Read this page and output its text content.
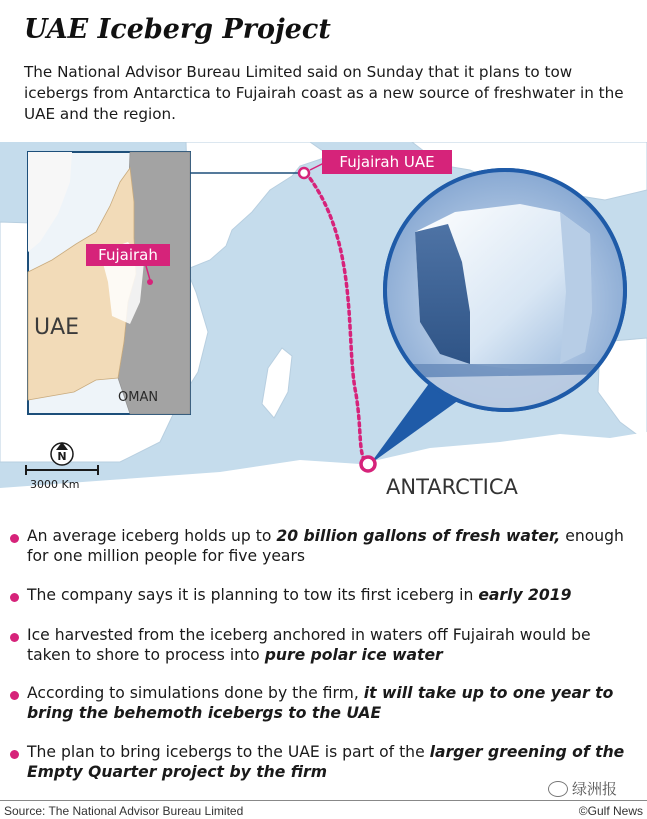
UAE Iceberg Project
The National Advisor Bureau Limited said on Sunday that it plans to tow icebergs from Antarctica to Fujairah coast as a new source of freshwater in the UAE and the region.
Fujairah
UAE
OMAN
Fujairah UAE
ANTARCTICA
N
3000 Km
An average iceberg holds up to 20 billion gallons of fresh water, enough for one million people for five years
The company says it is planning to tow its first iceberg in early 2019
Ice harvested from the iceberg anchored in waters off Fujairah would be taken to shore to process into pure polar ice water
According to simulations done by the firm, it will take up to one year to bring the behemoth icebergs to the UAE
The plan to bring icebergs to the UAE is part of the larger greening of the Empty Quarter project by the firm
绿洲报
Source: The National Advisor Bureau Limited	©Gulf News
